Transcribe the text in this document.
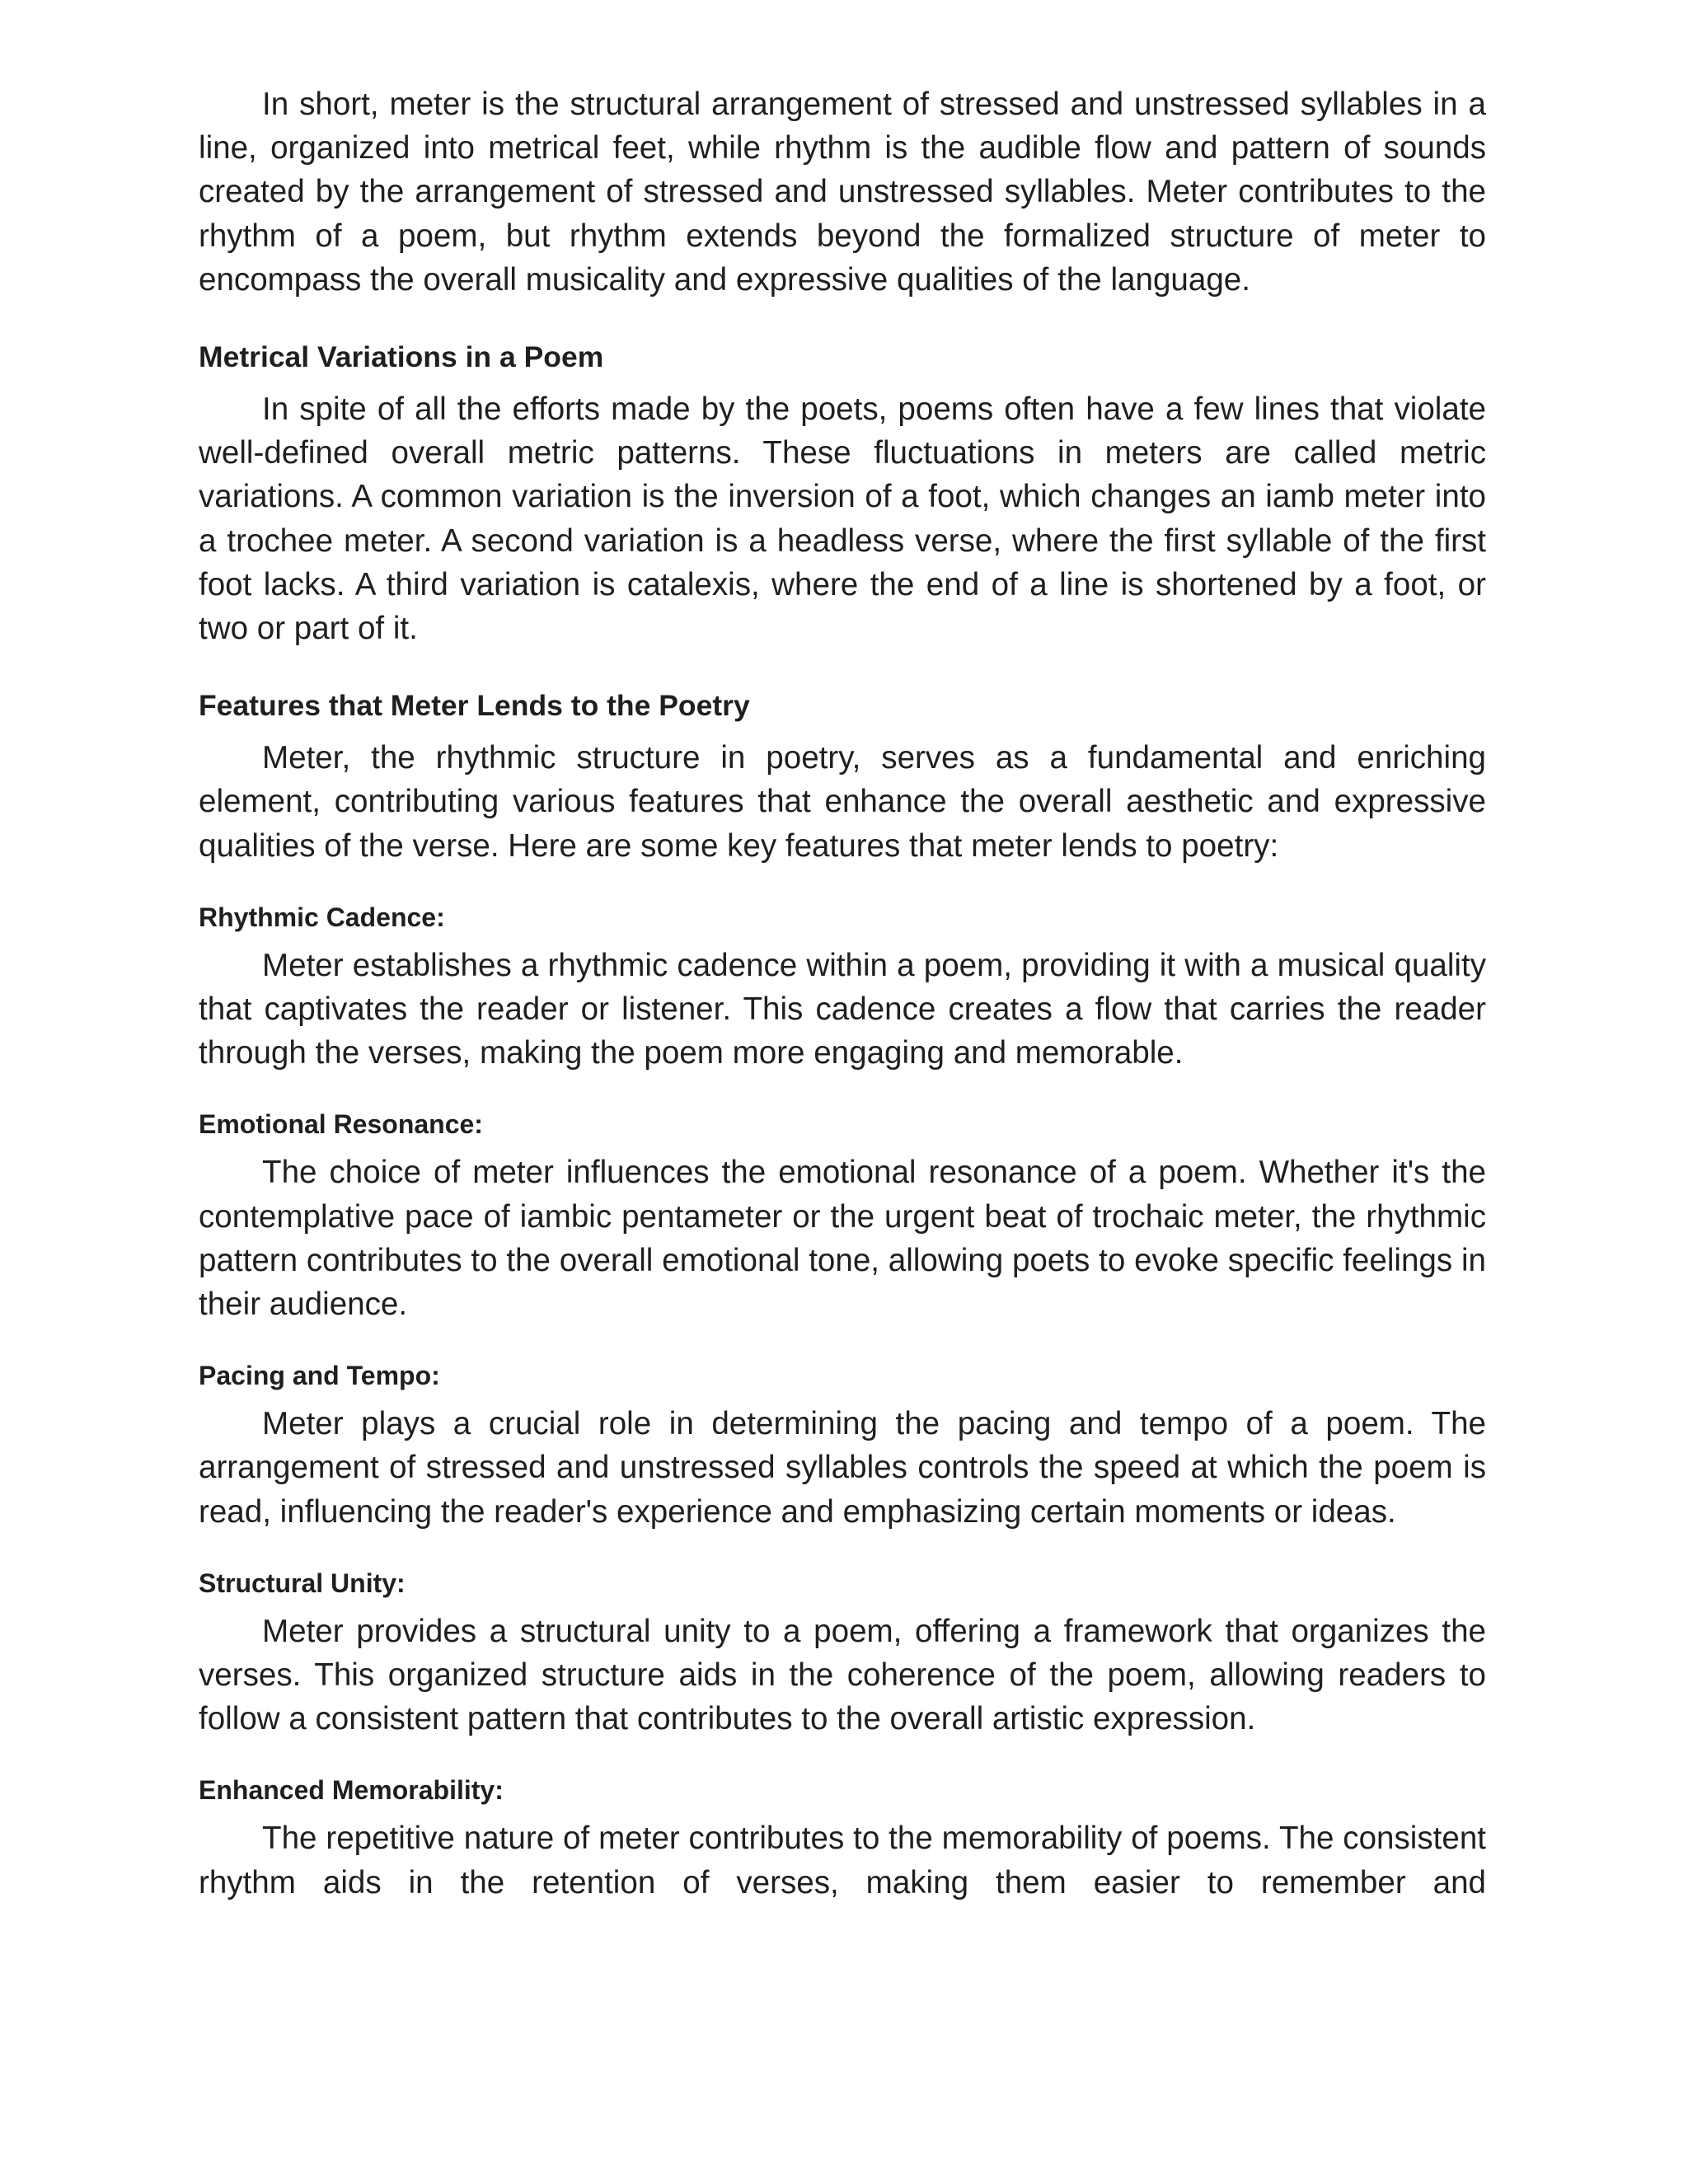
In short, meter is the structural arrangement of stressed and unstressed syllables in a line, organized into metrical feet, while rhythm is the audible flow and pattern of sounds created by the arrangement of stressed and unstressed syllables. Meter contributes to the rhythm of a poem, but rhythm extends beyond the formalized structure of meter to encompass the overall musicality and expressive qualities of the language.

Metrical Variations in a Poem

In spite of all the efforts made by the poets, poems often have a few lines that violate well-defined overall metric patterns. These fluctuations in meters are called metric variations. A common variation is the inversion of a foot, which changes an iamb meter into a trochee meter. A second variation is a headless verse, where the first syllable of the first foot lacks. A third variation is catalexis, where the end of a line is shortened by a foot, or two or part of it.

Features that Meter Lends to the Poetry

Meter, the rhythmic structure in poetry, serves as a fundamental and enriching element, contributing various features that enhance the overall aesthetic and expressive qualities of the verse. Here are some key features that meter lends to poetry:

Rhythmic Cadence:

Meter establishes a rhythmic cadence within a poem, providing it with a musical quality that captivates the reader or listener. This cadence creates a flow that carries the reader through the verses, making the poem more engaging and memorable.

Emotional Resonance:

The choice of meter influences the emotional resonance of a poem. Whether it's the contemplative pace of iambic pentameter or the urgent beat of trochaic meter, the rhythmic pattern contributes to the overall emotional tone, allowing poets to evoke specific feelings in their audience.

Pacing and Tempo:

Meter plays a crucial role in determining the pacing and tempo of a poem. The arrangement of stressed and unstressed syllables controls the speed at which the poem is read, influencing the reader's experience and emphasizing certain moments or ideas.

Structural Unity:

Meter provides a structural unity to a poem, offering a framework that organizes the verses. This organized structure aids in the coherence of the poem, allowing readers to follow a consistent pattern that contributes to the overall artistic expression.

Enhanced Memorability:

The repetitive nature of meter contributes to the memorability of poems. The consistent rhythm aids in the retention of verses, making them easier to remember and
